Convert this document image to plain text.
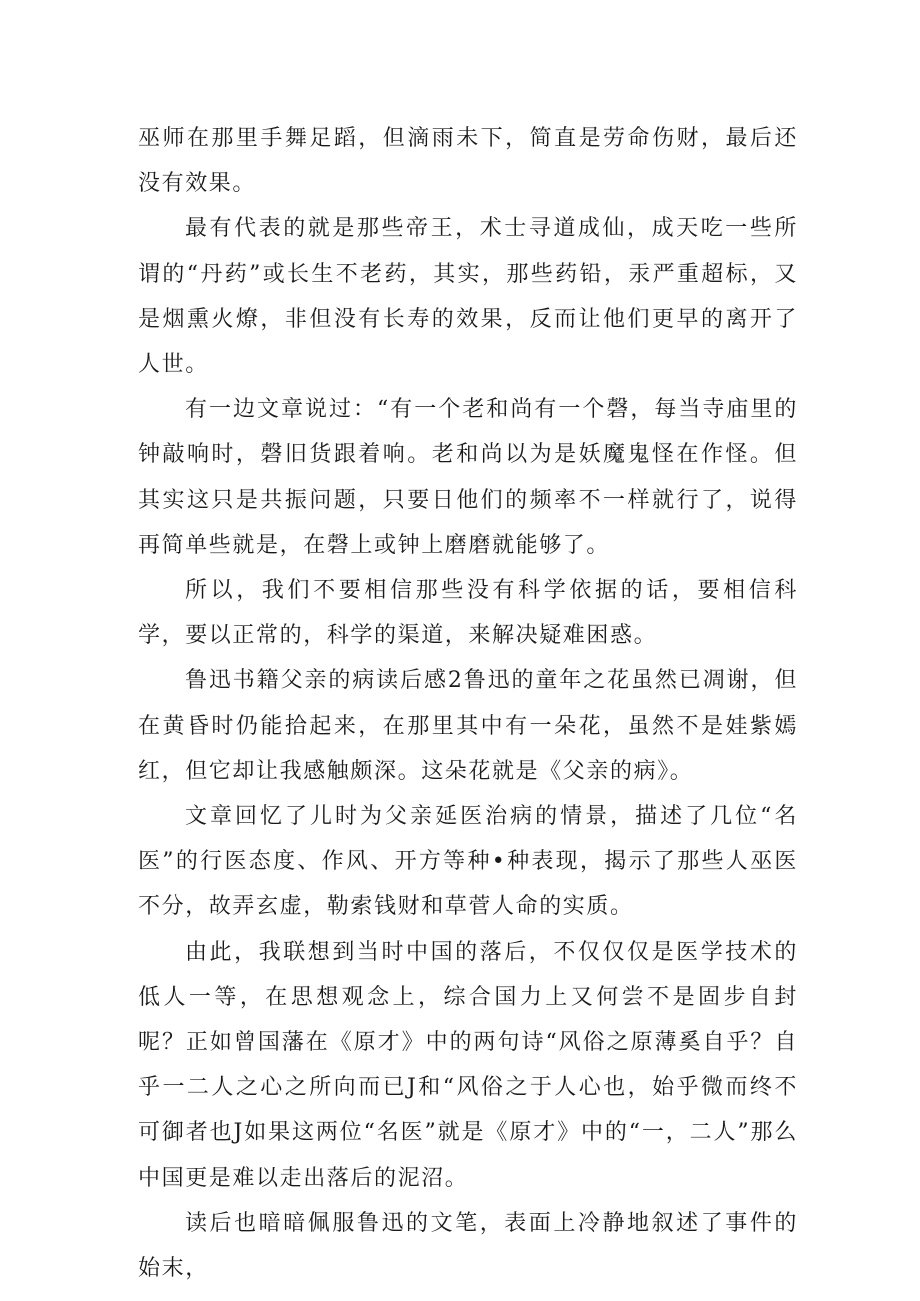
巫师在那里手舞足蹈，但滴雨未下，简直是劳命伤财，最后还没有效果。

最有代表的就是那些帝王，术士寻道成仙，成天吃一些所谓的“丹药”或长生不老药，其实，那些药铅，汞严重超标，又是烟熏火燎，非但没有长寿的效果，反而让他们更早的离开了人世。

有一边文章说过：“有一个老和尚有一个磬，每当寺庙里的钟敲响时，磬旧货跟着响。老和尚以为是妖魔鬼怪在作怪。但其实这只是共振问题，只要日他们的频率不一样就行了，说得再简单些就是，在磬上或钟上磨磨就能够了。

所以，我们不要相信那些没有科学依据的话，要相信科学，要以正常的，科学的渠道，来解决疑难困惑。

鲁迅书籍父亲的病读后感2鲁迅的童年之花虽然已凋谢，但在黄昏时仍能拾起来，在那里其中有一朵花，虽然不是娃紫嫣红，但它却让我感触颇深。这朵花就是《父亲的病》。

文章回忆了儿时为父亲延医治病的情景，描述了几位“名医”的行医态度、作风、开方等种•种表现，揭示了那些人巫医不分，故弄玄虚，勒索钱财和草菅人命的实质。

由此，我联想到当时中国的落后，不仅仅仅是医学技术的低人一等，在思想观念上，综合国力上又何尝不是固步自封呢？正如曾国藩在《原才》中的两句诗“风俗之原薄奚自乎？自乎一二人之心之所向而已J和“风俗之于人心也，始乎微而终不可御者也J如果这两位“名医”就是《原才》中的“一，二人”那么中国更是难以走出落后的泥沼。

读后也暗暗佩服鲁迅的文笔，表面上冷静地叙述了事件的始末，
